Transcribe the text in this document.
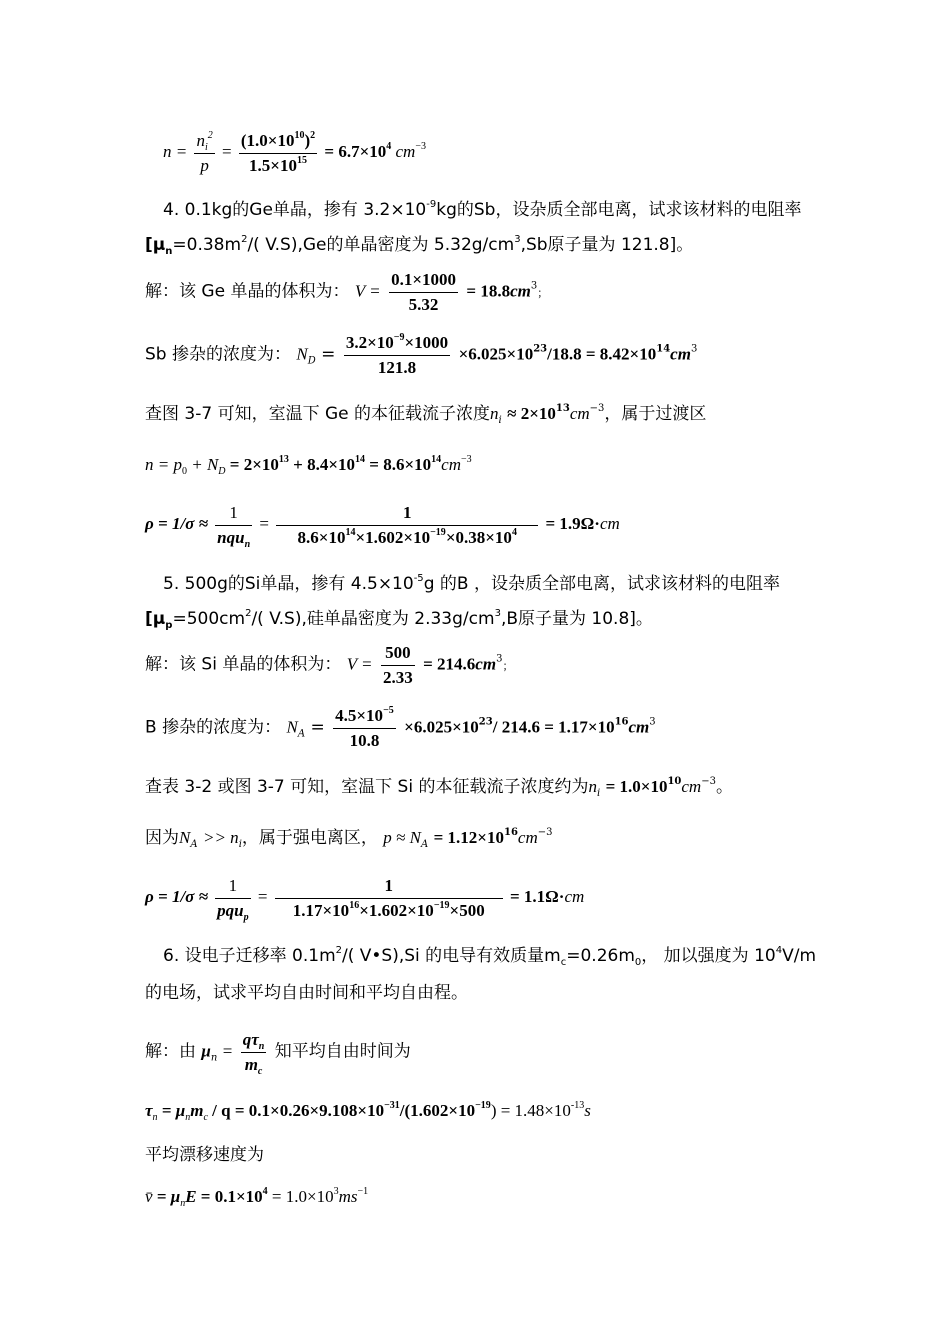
$n = \frac{n_i^2}{p} = \frac{(1.0\times 10^{10})^2}{1.5\times 10^{15}} = 6.7\times 10^4$ $cm^{-3}$
4. 0.1kg的Ge单晶，掺有 $3.2\times 10^{-9}kg$的Sb，设杂质全部电离，试求该材料的电阻率
[$\mu_n=0.38m^2/$( V.S),Ge的单晶密度为 $5.32g/cm^3,Sb$原子量为 121.8]。
解：该 Ge 单晶的体积为： $V = \frac{0.1\times 1000}{5.32} = 18.8cm^3$；
Sb 掺杂的浓度为： $N_D = \frac{3.2\times 10^{-9}\times 1000}{121.8} \times 6.025\times 10^{23}/18.8 = 8.42\times 10^{14}cm^3$
查图 3-7 可知，室温下 Ge 的本征载流子浓度$n_i \approx 2\times 10^{13}cm^{-3}$，属于过渡区
$n = p_0 + N_D = 2\times 10^{13} + 8.4\times 10^{14} = 8.6\times 10^{14}cm^{-3}$
$\rho = 1/\sigma \approx \frac{1}{nqu_n} = \frac{1}{8.6\times 10^{14}\times 1.602\times 10^{-19}\times 0.38\times 10^4} = 1.9\Omega\cdot cm$
5. 500g的Si单晶，掺有 $4.5\times 10^{-5}g$ 的B ，设杂质全部电离，试求该材料的电阻率
[$\mu_p=500cm^2/$( V.S),硅单晶密度为 $2.33g/cm^3,B$原子量为 10.8]。
解：该 Si 单晶的体积为： $V = \frac{500}{2.33} = 214.6cm^3$；
B 掺杂的浓度为： $N_A = \frac{4.5\times 10^{-5}}{10.8} \times 6.025\times 10^{23}/$ $214.6 = 1.17\times 10^{16}cm^3$
查表 3-2 或图 3-7 可知，室温下 Si 的本征载流子浓度约为$n_i = 1.0\times 10^{10}cm^{-3}$。
因为$N_A >> n_i$，属于强电离区， $p \approx N_A = 1.12\times 10^{16}cm^{-3}$
$\rho = 1/\sigma \approx \frac{1}{pqu_p} = \frac{1}{1.17\times 10^{16}\times 1.602\times 10^{-19}\times 500} = 1.1\Omega\cdot cm$
6. 设电子迁移率 $0.1m^2/$( V•S),Si 的电导有效质量$m_c=0.26m_0$， 加以强度为 $10^4V/m$
的电场，试求平均自由时间和平均自由程。
解：由 $\mu_n = \frac{q\tau_n}{m_c}$ 知平均自由时间为
$\tau_n = \mu_nm_c / q = 0.1\times 0.26\times 9.108\times 10^{-31}/(1.602\times 10^{-19}) = 1.48\times 10^{-13}s$
平均漂移速度为
v̄ = $\mu_nE = 0.1\times 10^4 = 1.0\times 10^3ms^{-1}$
